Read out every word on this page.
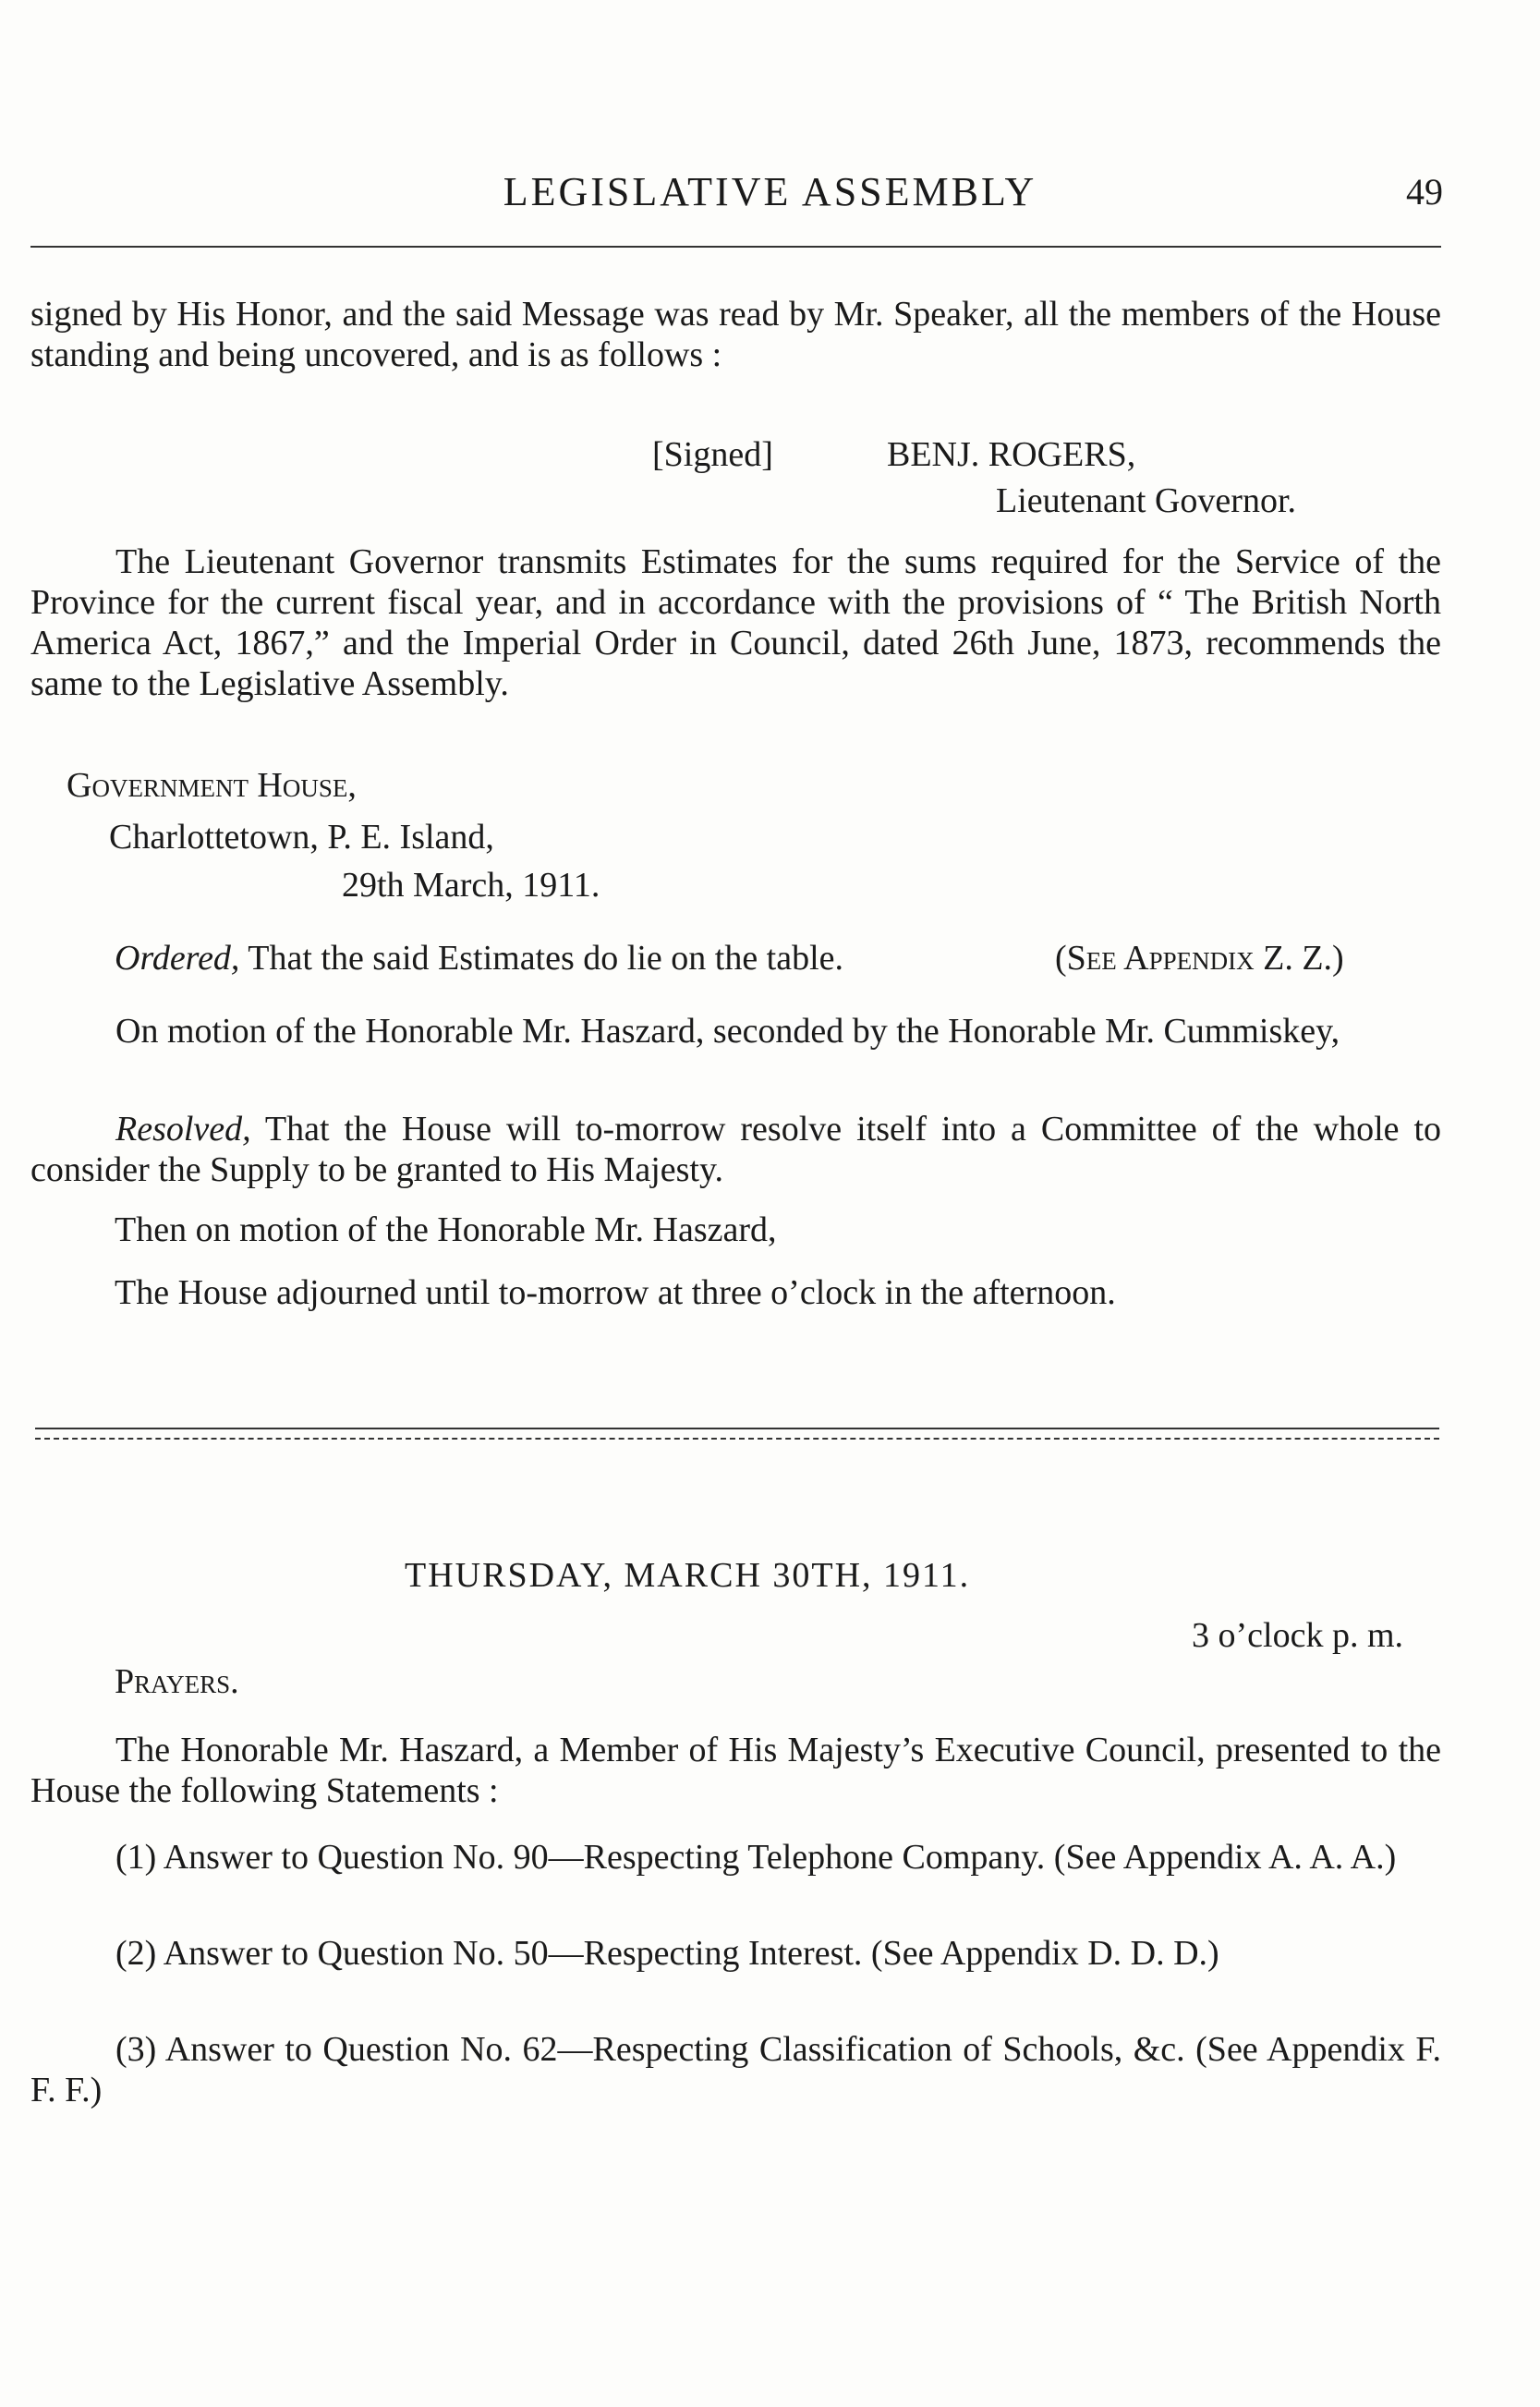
LEGISLATIVE ASSEMBLY	49
signed by His Honor, and the said Message was read by Mr. Speaker, all the members of the House standing and being uncovered, and is as follows :
[Signed]	BENJ. ROGERS,
Lieutenant Governor.
The Lieutenant Governor transmits Estimates for the sums required for the Service of the Province for the current fiscal year, and in accordance with the provisions of “ The British North America Act, 1867,” and the Imperial Order in Council, dated 26th June, 1873, recommends the same to the Legislative Assembly.
Government House,
Charlottetown, P. E. Island,
29th March, 1911.
Ordered, That the said Estimates do lie on the table.	(See Appendix Z. Z.)
On motion of the Honorable Mr. Haszard, seconded by the Honorable Mr. Cummiskey,
Resolved, That the House will to-morrow resolve itself into a Committee of the whole to consider the Supply to be granted to His Majesty.
Then on motion of the Honorable Mr. Haszard,
The House adjourned until to-morrow at three o’clock in the afternoon.
THURSDAY, MARCH 30TH, 1911.
3 o’clock p. m.
Prayers.
The Honorable Mr. Haszard, a Member of His Majesty’s Executive Council, presented to the House the following Statements :
(1) Answer to Question No. 90—Respecting Telephone Company. (See Appendix A. A. A.)
(2) Answer to Question No. 50—Respecting Interest. (See Appendix D. D. D.)
(3) Answer to Question No. 62—Respecting Classification of Schools, &c. (See Appendix F. F. F.)
